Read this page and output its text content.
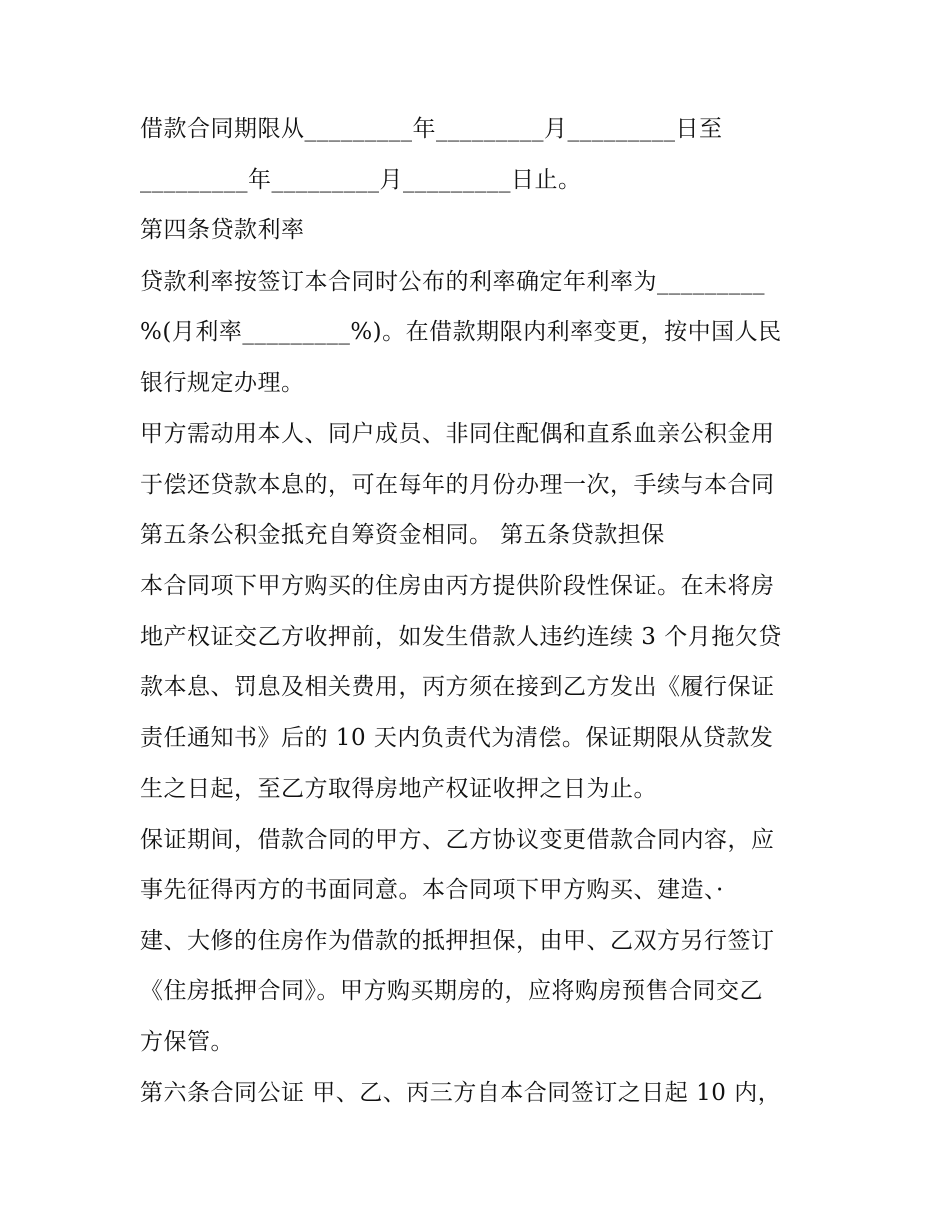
借款合同期限从_________年_________月_________日至
_________年_________月_________日止。
第四条贷款利率
贷款利率按签订本合同时公布的利率确定年利率为_________
%(月利率_________%)。在借款期限内利率变更，按中国人民
银行规定办理。
甲方需动用本人、同户成员、非同住配偶和直系血亲公积金用
于偿还贷款本息的，可在每年的月份办理一次，手续与本合同
第五条公积金抵充自筹资金相同。 第五条贷款担保
本合同项下甲方购买的住房由丙方提供阶段性保证。在未将房
地产权证交乙方收押前，如发生借款人违约连续 3 个月拖欠贷
款本息、罚息及相关费用，丙方须在接到乙方发出《履行保证
责任通知书》后的 10 天内负责代为清偿。保证期限从贷款发
生之日起，至乙方取得房地产权证收押之日为止。
保证期间，借款合同的甲方、乙方协议变更借款合同内容，应
事先征得丙方的书面同意。本合同项下甲方购买、建造、·
建、大修的住房作为借款的抵押担保，由甲、乙双方另行签订
《住房抵押合同》。甲方购买期房的，应将购房预售合同交乙
方保管。
第六条合同公证 甲、乙、丙三方自本合同签订之日起 10 内，
